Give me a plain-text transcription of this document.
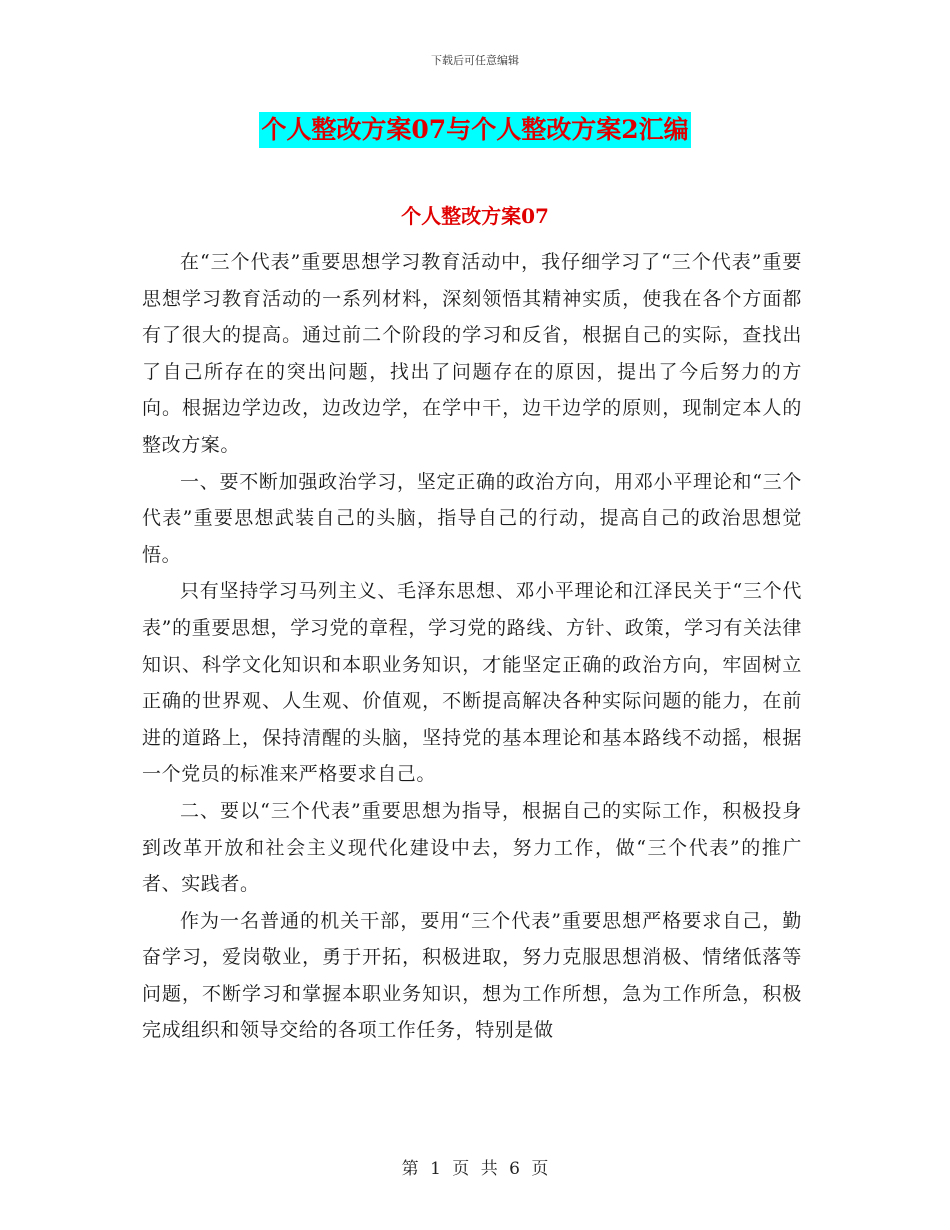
下载后可任意编辑
个人整改方案07与个人整改方案2汇编
个人整改方案07

在“三个代表”重要思想学习教育活动中，我仔细学习了“三个代表”重要思想学习教育活动的一系列材料，深刻领悟其精神实质，使我在各个方面都有了很大的提高。通过前二个阶段的学习和反省，根据自己的实际，查找出了自己所存在的突出问题，找出了问题存在的原因，提出了今后努力的方向。根据边学边改，边改边学，在学中干，边干边学的原则，现制定本人的整改方案。

一、要不断加强政治学习，坚定正确的政治方向，用邓小平理论和“三个代表”重要思想武装自己的头脑，指导自己的行动，提高自己的政治思想觉悟。

只有坚持学习马列主义、毛泽东思想、邓小平理论和江泽民关于“三个代表”的重要思想，学习党的章程，学习党的路线、方针、政策，学习有关法律知识、科学文化知识和本职业务知识，才能坚定正确的政治方向，牢固树立正确的世界观、人生观、价值观，不断提高解决各种实际问题的能力，在前进的道路上，保持清醒的头脑，坚持党的基本理论和基本路线不动摇，根据一个党员的标准来严格要求自己。

二、要以“三个代表”重要思想为指导，根据自己的实际工作，积极投身到改革开放和社会主义现代化建设中去，努力工作，做“三个代表”的推广者、实践者。

作为一名普通的机关干部，要用“三个代表”重要思想严格要求自己，勤奋学习，爱岗敬业，勇于开拓，积极进取，努力克服思想消极、情绪低落等问题，不断学习和掌握本职业务知识，想为工作所想，急为工作所急，积极完成组织和领导交给的各项工作任务，特别是做

第 1 页 共 6 页
